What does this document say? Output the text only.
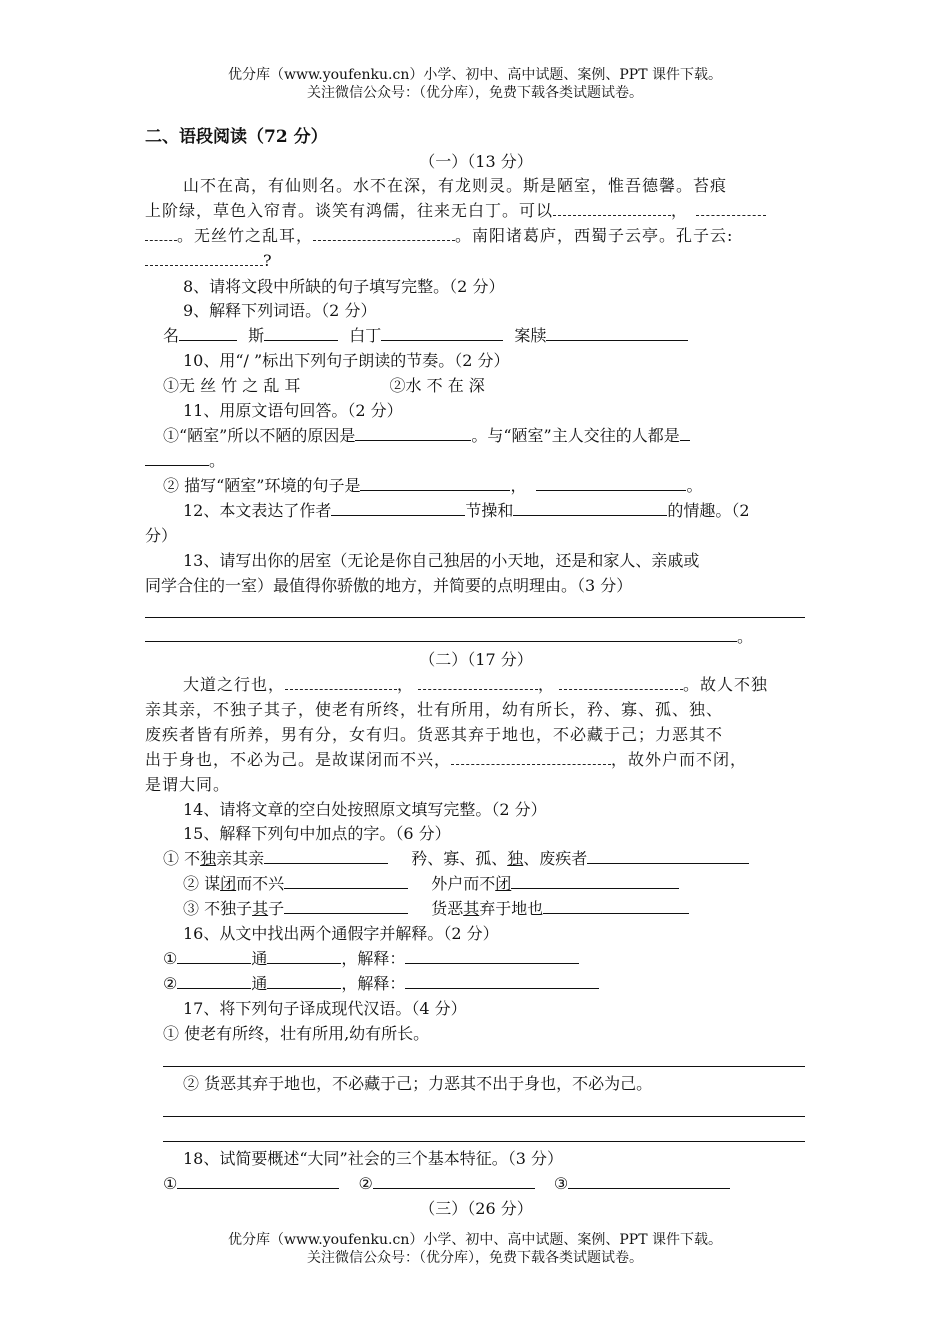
优分库（www.youfenku.cn）小学、初中、高中试题、案例、PPT 课件下载。
关注微信公众号：（优分库），免费下载各类试题试卷。
二、语段阅读（72 分）
（一）（13 分）
山不在高，有仙则名。水不在深，有龙则灵。斯是陋室，惟吾德馨。苔痕
上阶绿，草色入帘青。谈笑有鸿儒，往来无白丁。可以	，
。无丝竹之乱耳，	。南阳诸葛庐，西蜀子云亭。孔子云:
?
8、请将文段中所缺的句子填写完整。（2 分）
9、解释下列词语。（2 分）
名	斯	白丁	案牍
10、用“/ ”标出下列句子朗读的节奏。（2 分）
①无 丝 竹 之 乱 耳	②水 不 在 深
11、用原文语句回答。（2 分）
①“陋室”所以不陋的原因是	。与“陋室”主人交往的人都是
。
② 描写“陋室”环境的句子是	，	。
12、本文表达了作者	节操和	的情趣。（2
分）
13、请写出你的居室（无论是你自己独居的小天地，还是和家人、亲戚或
同学合住的一室）最值得你骄傲的地方，并简要的点明理由。（3 分）
。
（二）（17 分）
大道之行也，	，	，	。故人不独
亲其亲，不独子其子，使老有所终，壮有所用，幼有所长，矜、寡、孤、独、
废疾者皆有所养，男有分，女有归。货恶其弃于地也，不必藏于己；力恶其不
出于身也，不必为己。是故谋闭而不兴，	，故外户而不闭，
是谓大同。
14、请将文章的空白处按照原文填写完整。（2 分）
15、解释下列句中加点的字。（6 分）
① 不独亲其亲	矜、寡、孤、独、废疾者
② 谋闭而不兴	外户而不闭
③ 不独子其子	货恶其弃于地也
16、从文中找出两个通假字并解释。（2 分）
①	通	，解释：
②	通	，解释：
17、将下列句子译成现代汉语。（4 分）
① 使老有所终，壮有所用,幼有所长。
② 货恶其弃于地也，不必藏于己；力恶其不出于身也，不必为己。
18、试简要概述“大同”社会的三个基本特征。（3 分）
①	②	③
（三）（26 分）
优分库（www.youfenku.cn）小学、初中、高中试题、案例、PPT 课件下载。
关注微信公众号：（优分库），免费下载各类试题试卷。
